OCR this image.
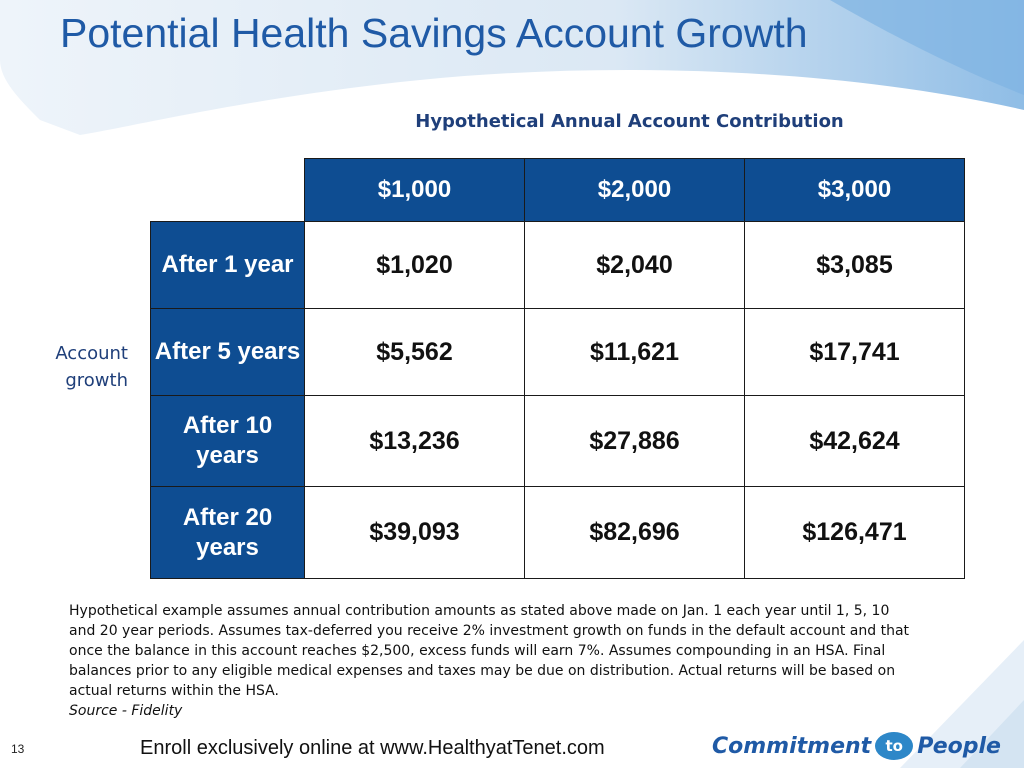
Potential Health Savings Account Growth
Hypothetical Annual Account Contribution
Account growth
	$1,000	$2,000	$3,000
After 1 year	$1,020	$2,040	$3,085
After 5 years	$5,562	$11,621	$17,741
After 10 years	$13,236	$27,886	$42,624
After 20 years	$39,093	$82,696	$126,471
Hypothetical example assumes annual contribution amounts as stated above made on Jan. 1 each year until 1, 5, 10 and 20 year periods. Assumes tax-deferred you receive 2% investment growth on funds in the default account and that once the balance in this account reaches $2,500, excess funds will earn 7%. Assumes compounding in an HSA. Final balances prior to any eligible medical expenses and taxes may be due on distribution. Actual returns will be based on actual returns within the HSA.
Source - Fidelity
13	Enroll exclusively online at www.HealthyatTenet.com	Commitment to People
